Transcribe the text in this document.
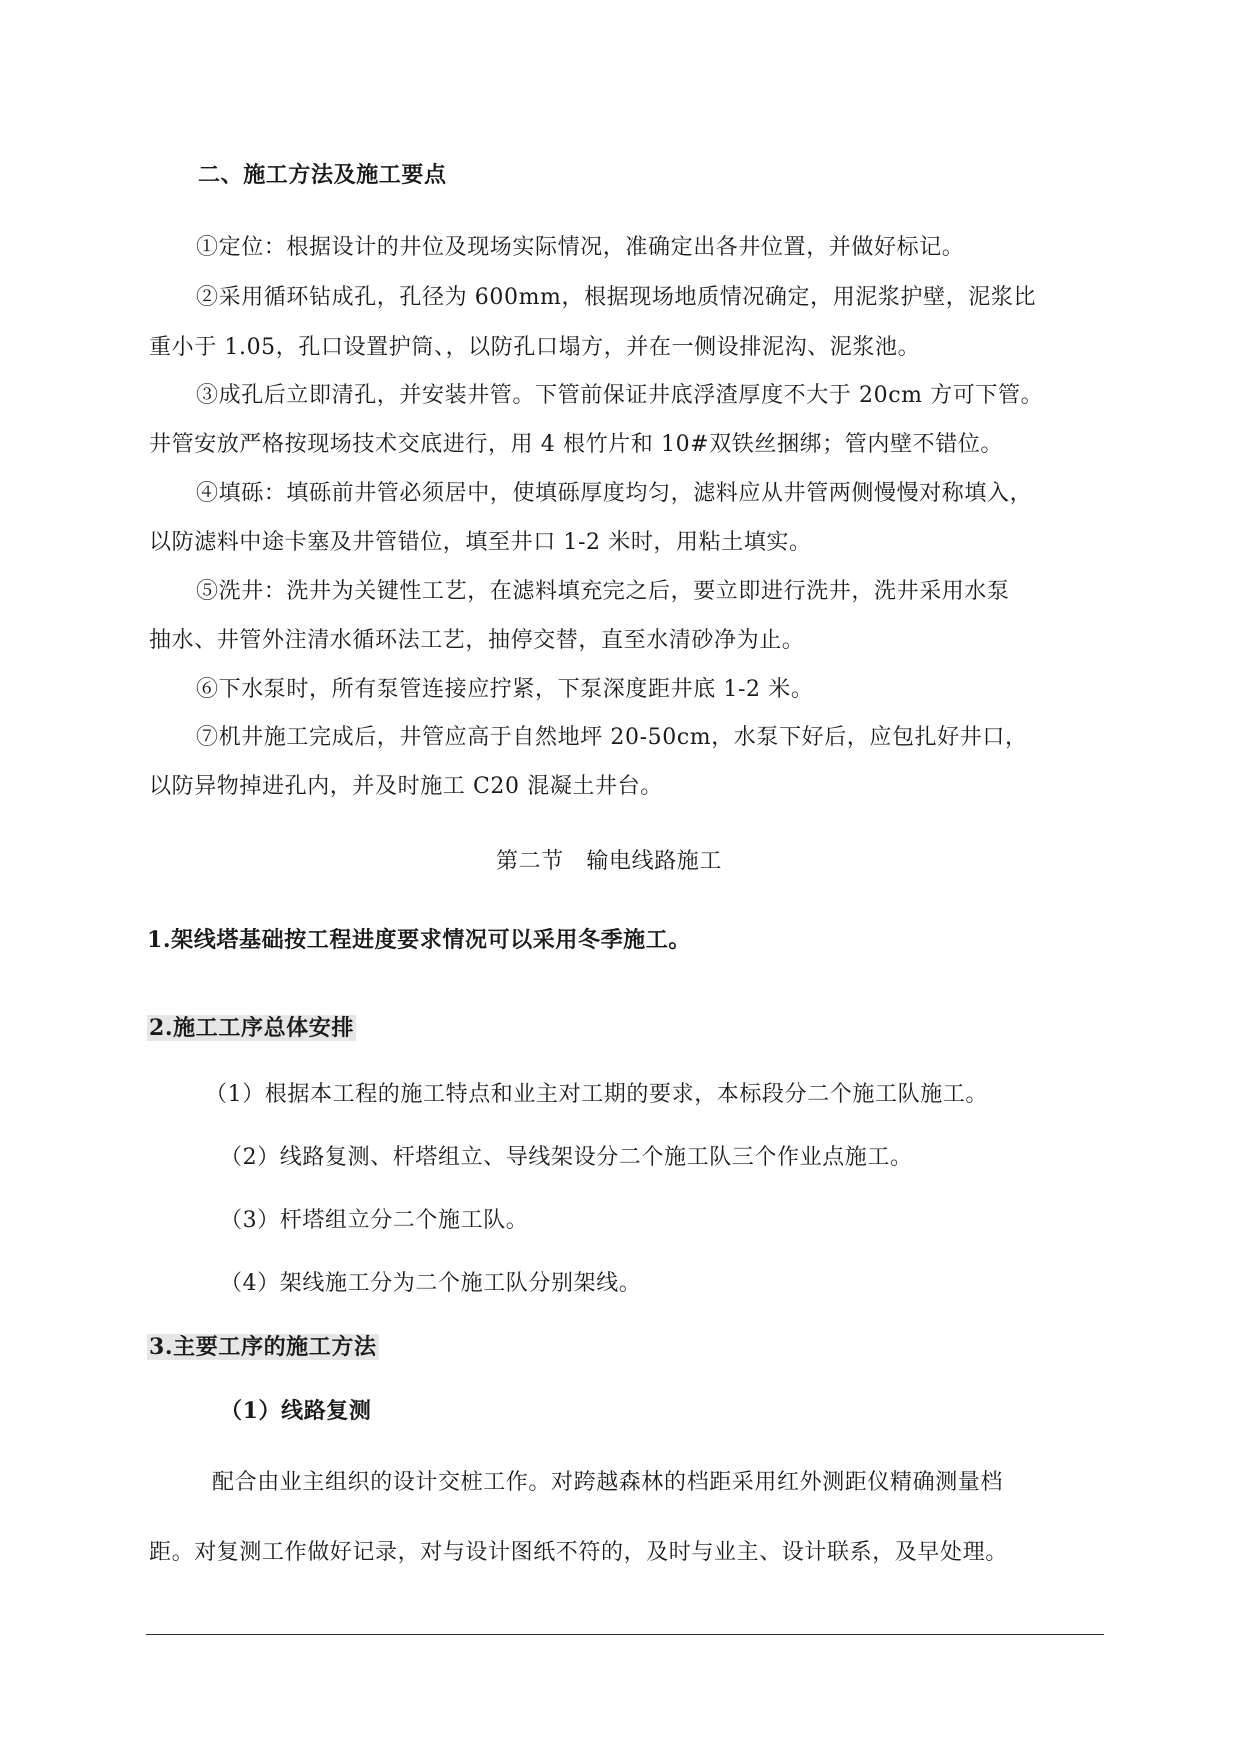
二、施工方法及施工要点
①定位：根据设计的井位及现场实际情况，准确定出各井位置，并做好标记。
②采用循环钻成孔，孔径为 600mm，根据现场地质情况确定，用泥浆护壁，泥浆比
重小于 1.05，孔口设置护筒、，以防孔口塌方，并在一侧设排泥沟、泥浆池。
③成孔后立即清孔，并安装井管。下管前保证井底浮渣厚度不大于 20cm 方可下管。
井管安放严格按现场技术交底进行，用 4 根竹片和 10#双铁丝捆绑；管内壁不错位。
④填砾：填砾前井管必须居中，使填砾厚度均匀，滤料应从井管两侧慢慢对称填入，
以防滤料中途卡塞及井管错位，填至井口 1-2 米时，用粘土填实。
⑤洗井：洗井为关键性工艺，在滤料填充完之后，要立即进行洗井，洗井采用水泵
抽水、井管外注清水循环法工艺，抽停交替，直至水清砂净为止。
⑥下水泵时，所有泵管连接应拧紧，下泵深度距井底 1-2 米。
⑦机井施工完成后，井管应高于自然地坪 20-50cm，水泵下好后，应包扎好井口，
以防异物掉进孔内，并及时施工 C20 混凝土井台。
第二节　输电线路施工
1.架线塔基础按工程进度要求情况可以采用冬季施工。
2.施工工序总体安排
（1）根据本工程的施工特点和业主对工期的要求，本标段分二个施工队施工。
（2）线路复测、杆塔组立、导线架设分二个施工队三个作业点施工。
（3）杆塔组立分二个施工队。
（4）架线施工分为二个施工队分别架线。
3.主要工序的施工方法
（1）线路复测
配合由业主组织的设计交桩工作。对跨越森林的档距采用红外测距仪精确测量档
距。对复测工作做好记录，对与设计图纸不符的，及时与业主、设计联系，及早处理。
